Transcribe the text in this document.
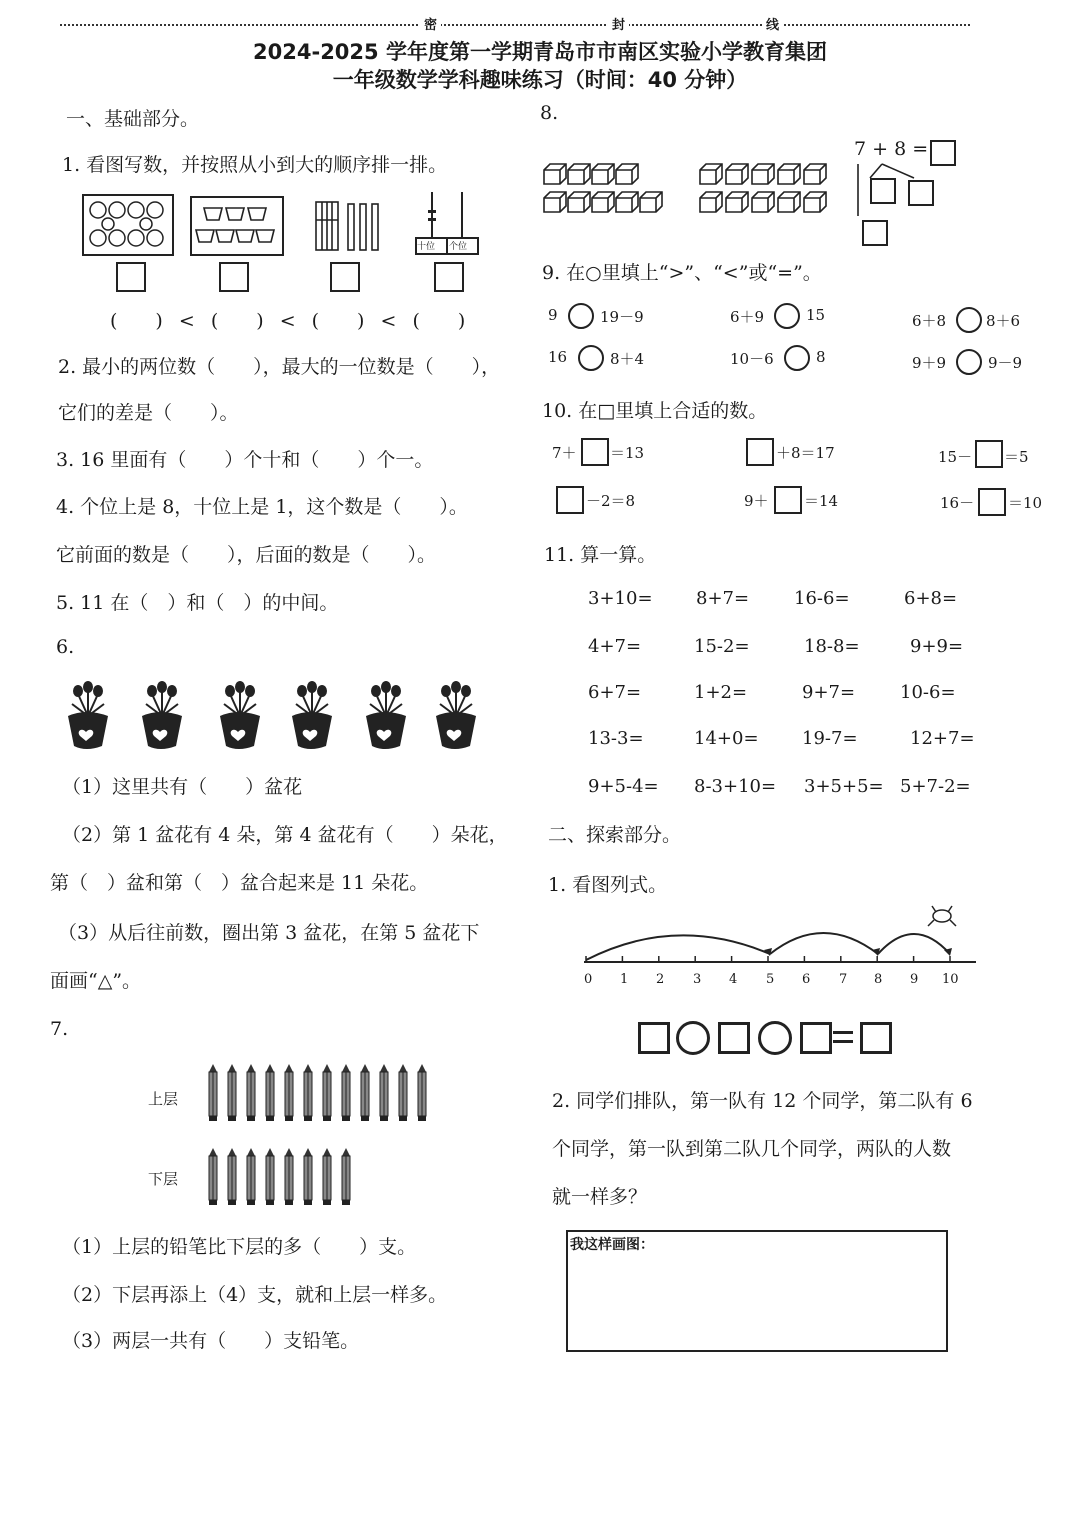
密	封	线
2024-2025 学年度第一学期青岛市市南区实验小学教育集团
一年级数学学科趣味练习（时间：40 分钟）
一、基础部分。
1. 看图写数，并按照从小到大的顺序排一排。
十位 个位
(　　) < (　　) < (　　) < (　　)
2. 最小的两位数（　　），最大的一位数是（　　），
它们的差是（　　）。
3. 16 里面有（　　）个十和（　　）个一。
4. 个位上是 8，十位上是 1，这个数是（　　）。
它前面的数是（　　），后面的数是（　　）。
5. 11 在（　）和（　）的中间。
6.
（1）这里共有（　　）盆花
（2）第 1 盆花有 4 朵，第 4 盆花有（　　）朵花，
第（　）盆和第（　）盆合起来是 11 朵花。
（3）从后往前数，圈出第 3 盆花，在第 5 盆花下
面画“△”。
7.
上层
下层
（1）上层的铅笔比下层的多（　　）支。
（2）下层再添上（4）支，就和上层一样多。
（3）两层一共有（　　）支铅笔。
8.
7 + 8 =
9. 在○里填上“>”、“<”或“=”。
9	19－9	6＋9	15	6＋8	8＋6
16	8＋4	10－6	8	9＋9	9－9
10. 在□里填上合适的数。
7＋ ＝13	＋8＝17	15－ ＝5
－2＝8	9＋ ＝14	16－ ＝10
11. 算一算。
3+10= 8+7= 16-6=	6+8=
4+7=	15-2=	18-8=	9+9=
6+7=	1+2=	9+7= 10-6=
13-3=	14+0= 19-7=	12+7=
9+5-4= 8-3+10= 3+5+5= 5+7-2=
二、探索部分。
1. 看图列式。
0 1 2 3 4 5 6 7 8 9 10
2. 同学们排队，第一队有 12 个同学，第二队有 6
个同学，第一队到第二队几个同学，两队的人数
就一样多？
我这样画图：
